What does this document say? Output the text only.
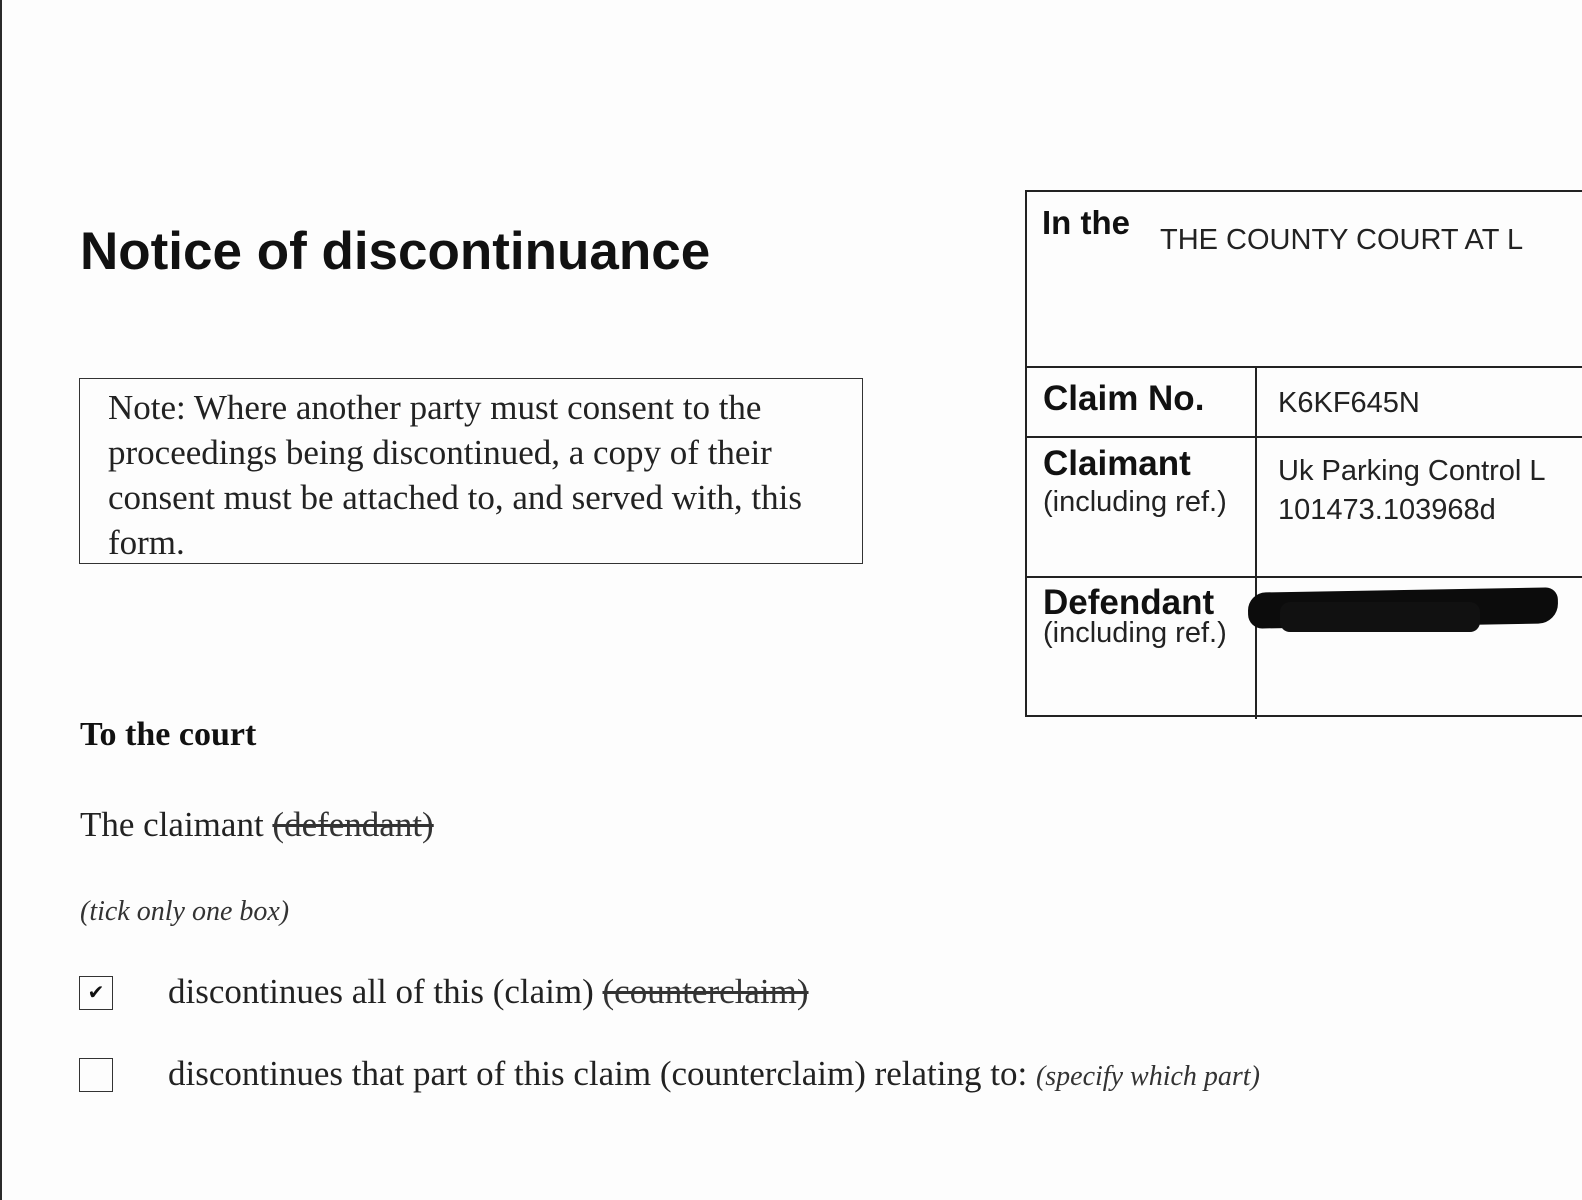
Notice of discontinuance
Note: Where another party must consent to the proceedings being discontinued, a copy of their consent must be attached to, and served with, this form.
In the THE COUNTY COURT AT L
Claim No.	K6KF645N
Claimant
(including ref.)
Uk Parking Control L
101473.103968d
Defendant
(including ref.)
To the court
The claimant (defendant)
(tick only one box)
✔ discontinues all of this (claim) (counterclaim)
discontinues that part of this claim (counterclaim) relating to: (specify which part)
